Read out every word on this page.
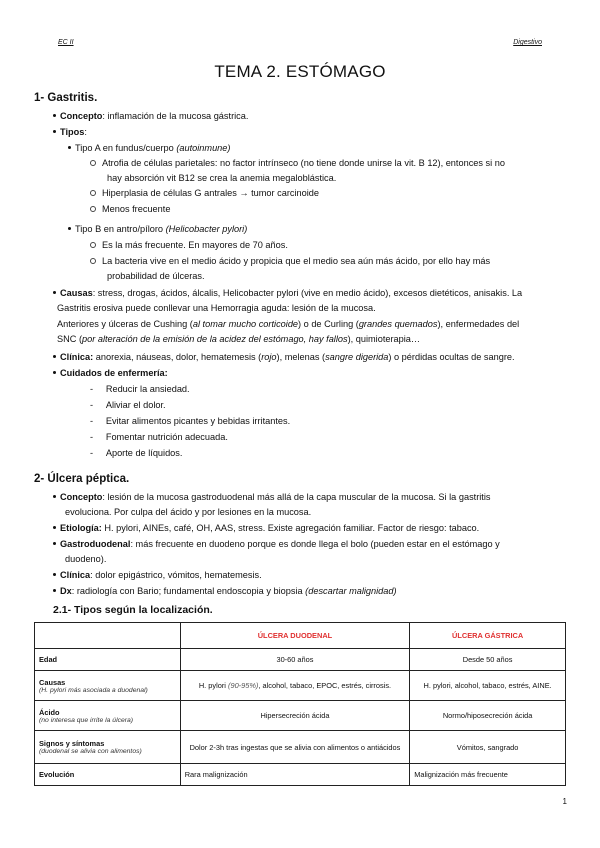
EC II	Digestivo
TEMA 2. ESTÓMAGO
1- Gastritis.
Concepto: inflamación de la mucosa gástrica.
Tipos:
Tipo A en fundus/cuerpo (autoinmune)
Atrofia de células parietales: no factor intrínseco (no tiene donde unirse la vit. B 12), entonces si no
hay absorción vit B12 se crea la anemia megaloblástica.
Hiperplasia de células G antrales → tumor carcinoide
Menos frecuente
Tipo B en antro/píloro (Helicobacter pylori)
Es la más frecuente. En mayores de 70 años.
La bacteria vive en el medio ácido y propicia que el medio sea aún más ácido, por ello hay más
probabilidad de úlceras.
Causas: stress, drogas, ácidos, álcalis, Helicobacter pylori (vive en medio ácido), excesos dietéticos, anisakis. La
Gastritis erosiva puede conllevar una Hemorragia aguda: lesión de la mucosa.
Anteriores y úlceras de Cushing (al tomar mucho corticoide) o de Curling (grandes quemados), enfermedades del
SNC (por alteración de la emisión de la acidez del estómago, hay fallos), quimioterapia…
Clínica: anorexia, náuseas, dolor, hematemesis (rojo), melenas (sangre digerida) o pérdidas ocultas de sangre.
Cuidados de enfermería:
-     Reducir la ansiedad.
-     Aliviar el dolor.
-     Evitar alimentos picantes y bebidas irritantes.
-     Fomentar nutrición adecuada.
-     Aporte de líquidos.
2- Úlcera péptica.
Concepto: lesión de la mucosa gastroduodenal más allá de la capa muscular de la mucosa. Si la gastritis
evoluciona. Por culpa del ácido y por lesiones en la mucosa.
Etiología: H. pylori, AINEs, café, OH, AAS, stress. Existe agregación familiar. Factor de riesgo: tabaco.
Gastroduodenal: más frecuente en duodeno porque es donde llega el bolo (pueden estar en el estómago y
duodeno).
Clínica: dolor epigástrico, vómitos, hematemesis.
Dx: radiología con Bario; fundamental endoscopia y biopsia (descartar malignidad)
2.1- Tipos según la localización.
	ÚLCERA DUODENAL	ÚLCERA GÁSTRICA
Edad	30-60 años	Desde 50 años

Causas
(H. pylori más asociada a duodenal)	H. pylori (90-95%), alcohol, tabaco, EPOC, estrés, cirrosis.	H. pylori, alcohol, tabaco, estrés, AINE.

Ácido
(no interesa que irrite la úlcera)	Hipersecreción ácida	Normo/hiposecreción ácida

Signos y síntomas
(duodenal se alivia con alimentos)	Dolor 2-3h tras ingestas que se alivia con alimentos o antiácidos	Vómitos, sangrado
Evolución	Rara malignización	Malignización más frecuente
1
